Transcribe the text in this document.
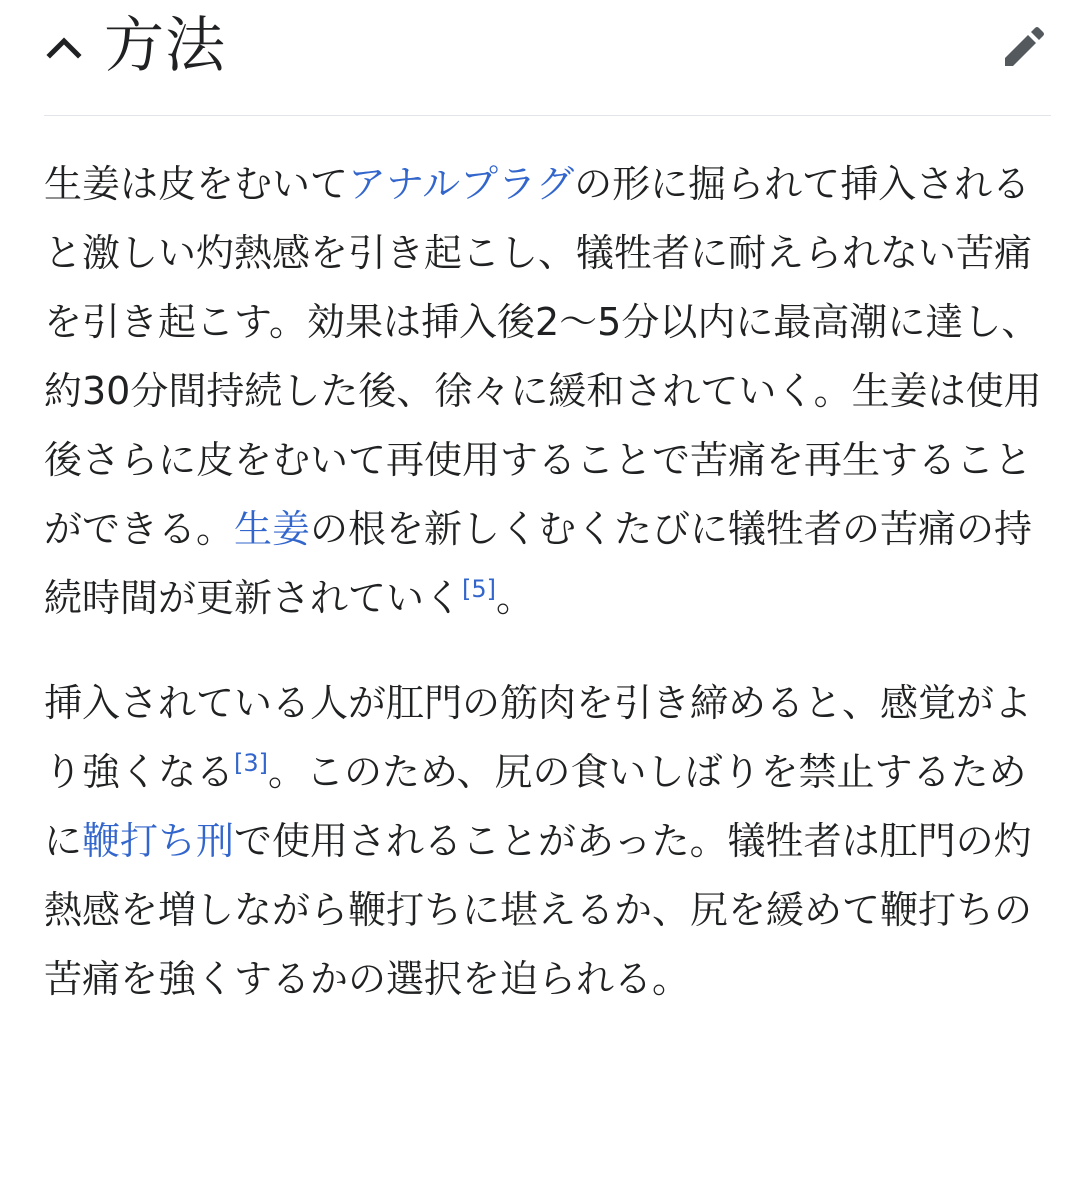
方法

生姜は皮をむいてアナルプラグの形に掘られて挿入されると激しい灼熱感を引き起こし、犠牲者に耐えられない苦痛を引き起こす。効果は挿入後2〜5分以内に最高潮に達し、約30分間持続した後、徐々に緩和されていく。生姜は使用後さらに皮をむいて再使用することで苦痛を再生することができる。生姜の根を新しくむくたびに犠牲者の苦痛の持続時間が更新されていく[5]。

挿入されている人が肛門の筋肉を引き締めると、感覚がより強くなる[3]。このため、尻の食いしばりを禁止するために鞭打ち刑で使用されることがあった。犠牲者は肛門の灼熱感を増しながら鞭打ちに堪えるか、尻を緩めて鞭打ちの苦痛を強くするかの選択を迫られる。
